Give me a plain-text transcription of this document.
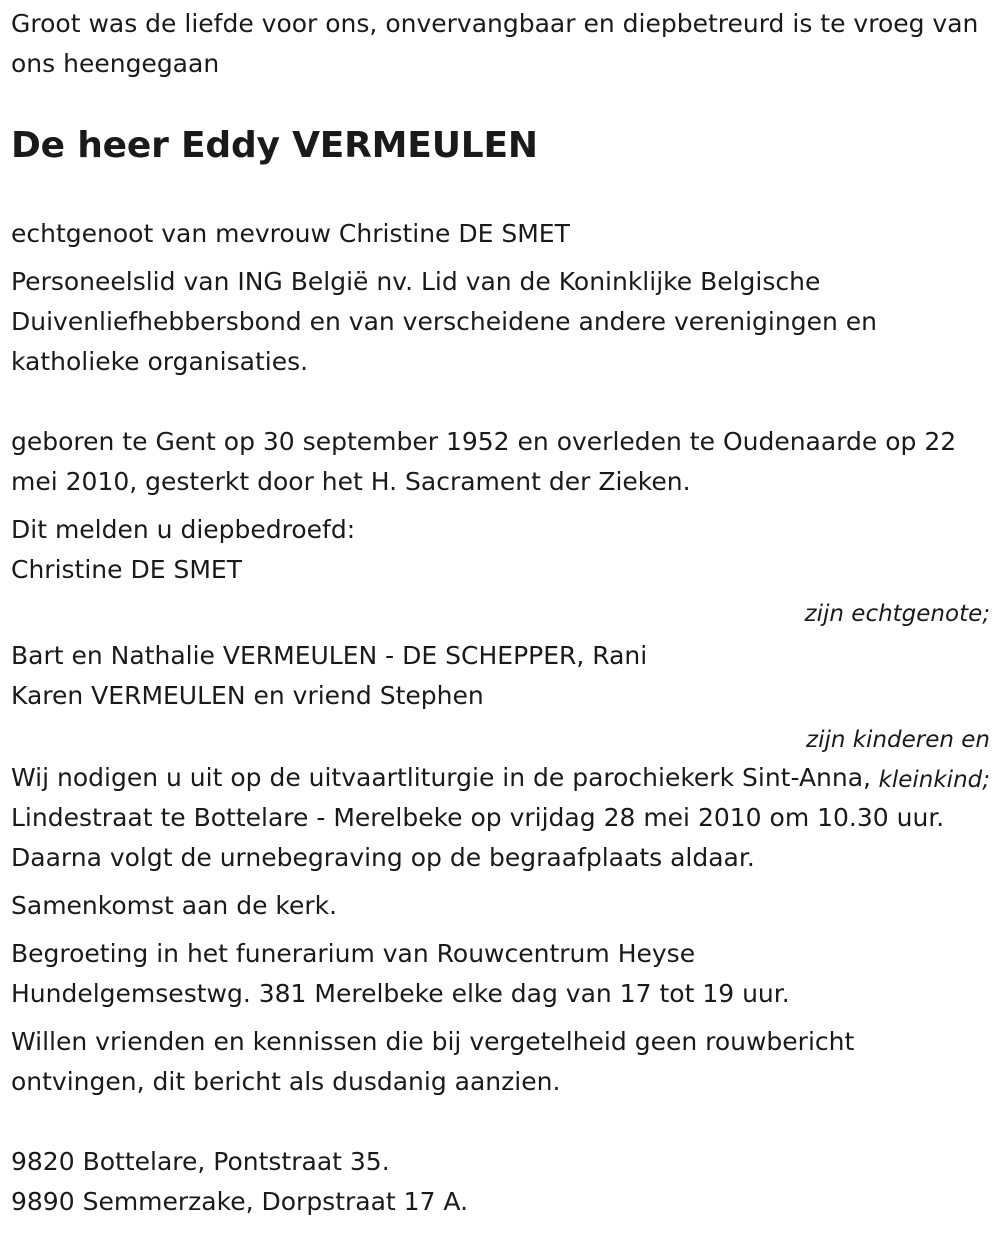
Groot was de liefde voor ons, onvervangbaar en diepbetreurd is te vroeg van ons heengegaan

De heer Eddy VERMEULEN

echtgenoot van mevrouw Christine DE SMET

Personeelslid van ING België nv. Lid van de Koninklijke Belgische Duivenliefhebbersbond en van verscheidene andere verenigingen en katholieke organisaties.

geboren te Gent op 30 september 1952 en overleden te Oudenaarde op 22 mei 2010, gesterkt door het H. Sacrament der Zieken.

Dit melden u diepbedroefd:

Christine DE SMET

zijn echtgenote;

Bart en Nathalie VERMEULEN - DE SCHEPPER, Rani

Karen VERMEULEN en vriend Stephen

zijn kinderen en kleinkind;

Wij nodigen u uit op de uitvaartliturgie in de parochiekerk Sint-Anna, Lindestraat te Bottelare - Merelbeke op vrijdag 28 mei 2010 om 10.30 uur. Daarna volgt de urnebegraving op de begraafplaats aldaar.

Samenkomst aan de kerk.

Begroeting in het funerarium van Rouwcentrum Heyse Hundelgemsestwg. 381 Merelbeke elke dag van 17 tot 19 uur.

Willen vrienden en kennissen die bij vergetelheid geen rouwbericht ontvingen, dit bericht als dusdanig aanzien.

9820 Bottelare, Pontstraat 35.

9890 Semmerzake, Dorpstraat 17 A.
